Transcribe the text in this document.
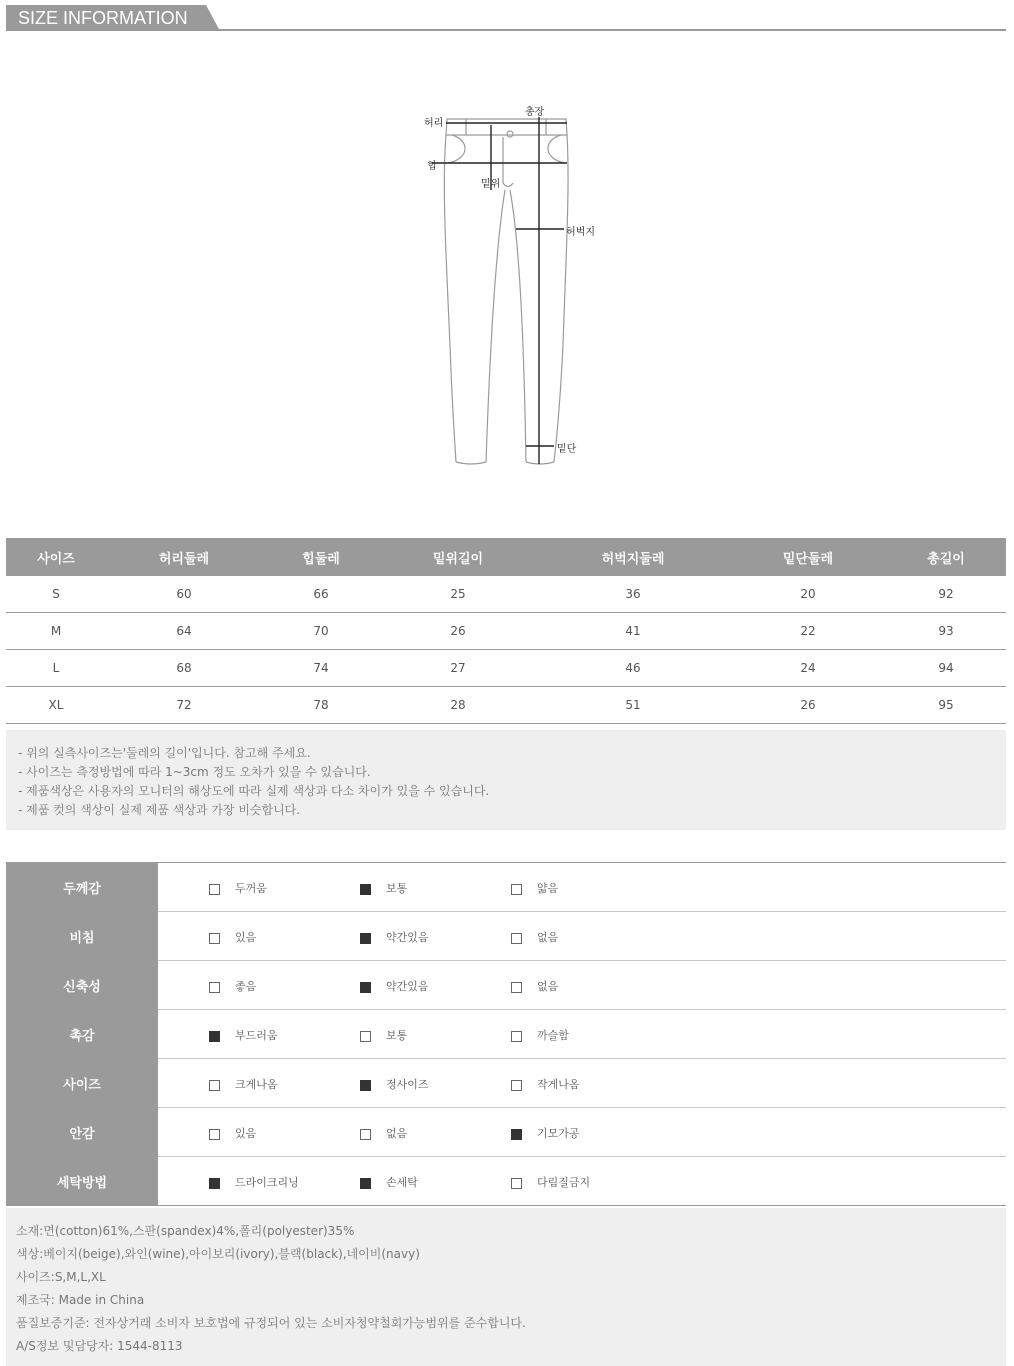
SIZE INFORMATION
허리
총장
힙
밑위
허벅지
밑단
사이즈	허리둘레	힙둘레	밑위길이	허벅지둘레	밑단둘레	총길이
S	60	66	25	36	20	92
M	64	70	26	41	22	93
L	68	74	27	46	24	94
XL	72	78	28	51	26	95
- 위의 실측사이즈는'둘레의 길이'입니다. 참고해 주세요.
- 사이즈는 측정방법에 따라 1~3cm 정도 오차가 있을 수 있습니다.
- 제품색상은 사용자의 모니터의 해상도에 따라 실제 색상과 다소 차이가 있을 수 있습니다.
- 제품 컷의 색상이 실제 제품 색상과 가장 비슷합니다.
두께감	두꺼움 보통 얇음
비침	있음 약간있음 없음
신축성	좋음 약간있음 없음
촉감	부드러움 보통 까슬함
사이즈	크게나옴 정사이즈 작게나옴
안감	있음 없음 기모가공
세탁방법	드라이크리닝 손세탁 다림질금지
소재:면(cotton)61%,스판(spandex)4%,폴리(polyester)35%
색상:베이지(beige),와인(wine),아이보리(ivory),블랙(black),네이비(navy)
사이즈:S,M,L,XL
제조국: Made in China
품질보증기준: 전자상거래 소비자 보호법에 규정되어 있는 소비자청약철회가능범위를 준수합니다.
A/S정보 및담당자: 1544-8113
